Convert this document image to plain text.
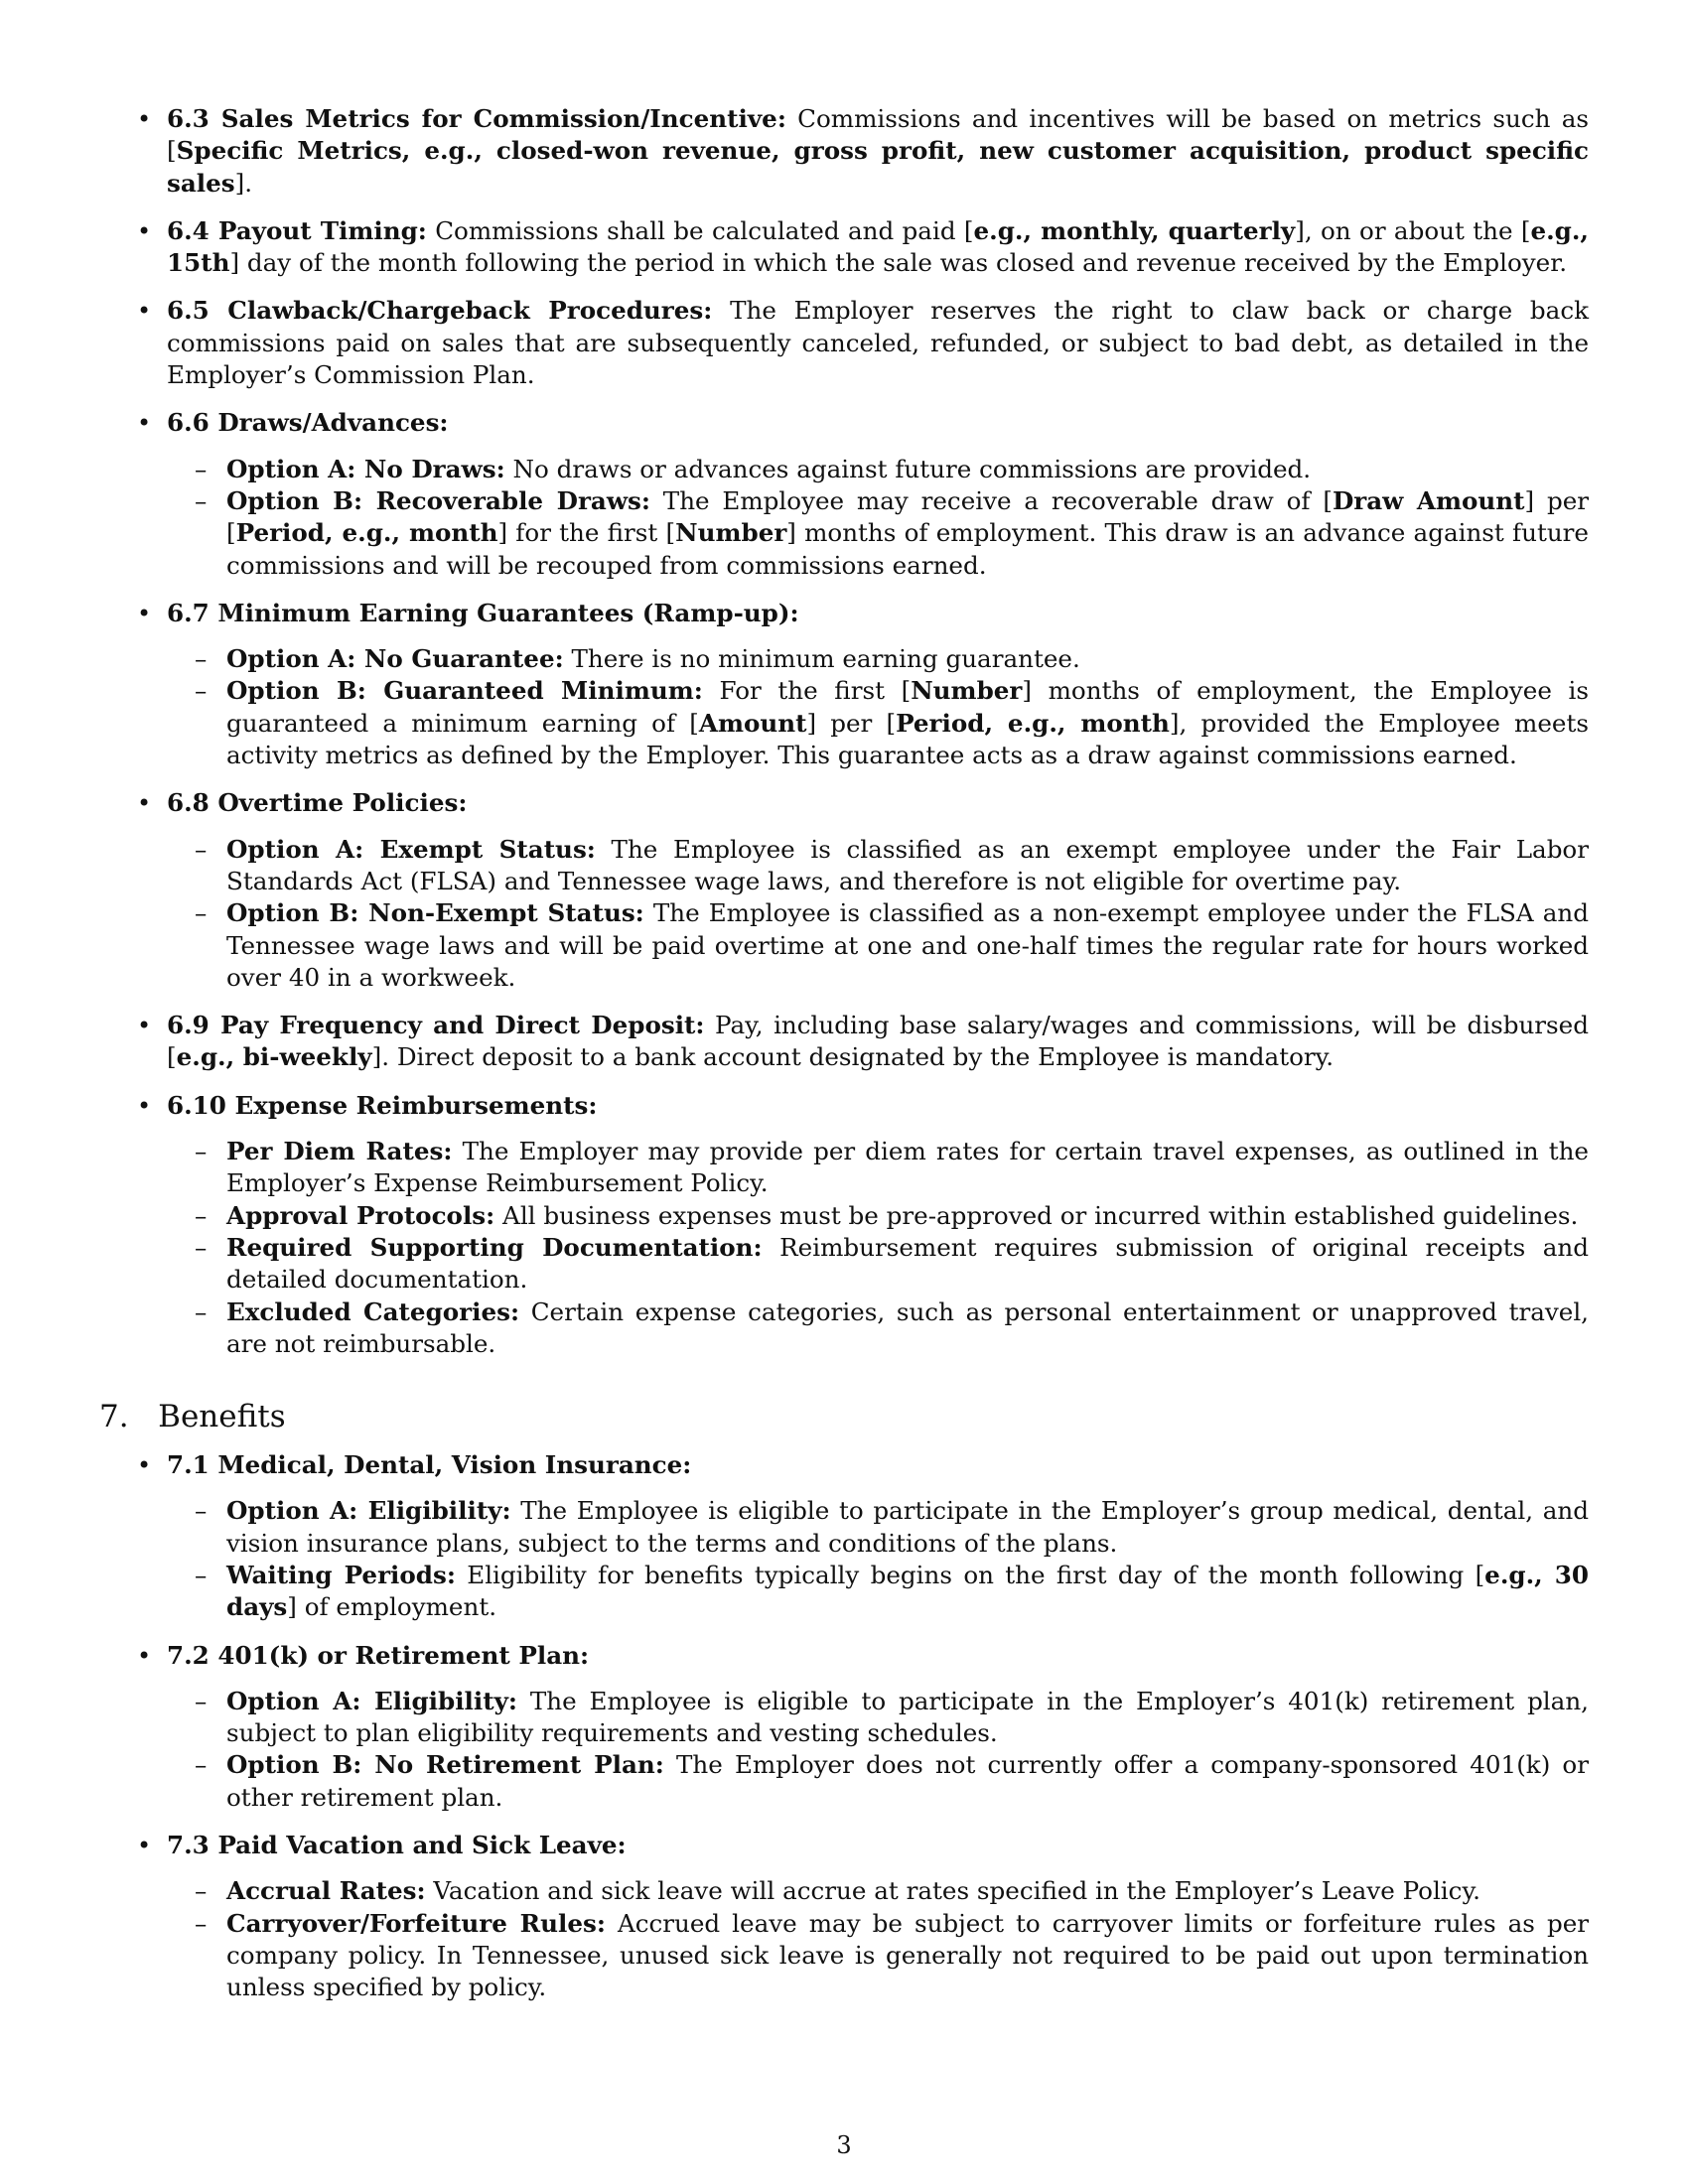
• 6.3 Sales Metrics for Commission/Incentive: Commissions and incentives will be based on metrics such as [Specific Metrics, e.g., closed-won revenue, gross profit, new customer acquisition, product specific sales].
• 6.4 Payout Timing: Commissions shall be calculated and paid [e.g., monthly, quarterly], on or about the [e.g., 15th] day of the month following the period in which the sale was closed and revenue received by the Employer.
• 6.5 Clawback/Chargeback Procedures: The Employer reserves the right to claw back or charge back commissions paid on sales that are subsequently canceled, refunded, or subject to bad debt, as detailed in the Employer’s Commission Plan.
• 6.6 Draws/Advances:
– Option A: No Draws: No draws or advances against future commissions are provided.
– Option B: Recoverable Draws: The Employee may receive a recoverable draw of [Draw Amount] per [Period, e.g., month] for the first [Number] months of employment. This draw is an advance against future commissions and will be recouped from commissions earned.
• 6.7 Minimum Earning Guarantees (Ramp-up):
– Option A: No Guarantee: There is no minimum earning guarantee.
– Option B: Guaranteed Minimum: For the first [Number] months of employment, the Employee is guaranteed a minimum earning of [Amount] per [Period, e.g., month], provided the Employee meets activity metrics as defined by the Employer. This guarantee acts as a draw against commissions earned.
• 6.8 Overtime Policies:
– Option A: Exempt Status: The Employee is classified as an exempt employee under the Fair Labor Standards Act (FLSA) and Tennessee wage laws, and therefore is not eligible for overtime pay.
– Option B: Non-Exempt Status: The Employee is classified as a non-exempt employee under the FLSA and Tennessee wage laws and will be paid overtime at one and one-half times the regular rate for hours worked over 40 in a workweek.
• 6.9 Pay Frequency and Direct Deposit: Pay, including base salary/wages and commissions, will be disbursed [e.g., bi-weekly]. Direct deposit to a bank account designated by the Employee is mandatory.
• 6.10 Expense Reimbursements:
– Per Diem Rates: The Employer may provide per diem rates for certain travel expenses, as outlined in the Employer’s Expense Reimbursement Policy.
– Approval Protocols: All business expenses must be pre-approved or incurred within established guidelines.
– Required Supporting Documentation: Reimbursement requires submission of original receipts and detailed documentation.
– Excluded Categories: Certain expense categories, such as personal entertainment or unapproved travel, are not reimbursable.
7. Benefits
• 7.1 Medical, Dental, Vision Insurance:
– Option A: Eligibility: The Employee is eligible to participate in the Employer’s group medical, dental, and vision insurance plans, subject to the terms and conditions of the plans.
– Waiting Periods: Eligibility for benefits typically begins on the first day of the month following [e.g., 30 days] of employment.
• 7.2 401(k) or Retirement Plan:
– Option A: Eligibility: The Employee is eligible to participate in the Employer’s 401(k) retirement plan, subject to plan eligibility requirements and vesting schedules.
– Option B: No Retirement Plan: The Employer does not currently offer a company-sponsored 401(k) or other retirement plan.
• 7.3 Paid Vacation and Sick Leave:
– Accrual Rates: Vacation and sick leave will accrue at rates specified in the Employer’s Leave Policy.
– Carryover/Forfeiture Rules: Accrued leave may be subject to carryover limits or forfeiture rules as per company policy. In Tennessee, unused sick leave is generally not required to be paid out upon termination unless specified by policy.
3
